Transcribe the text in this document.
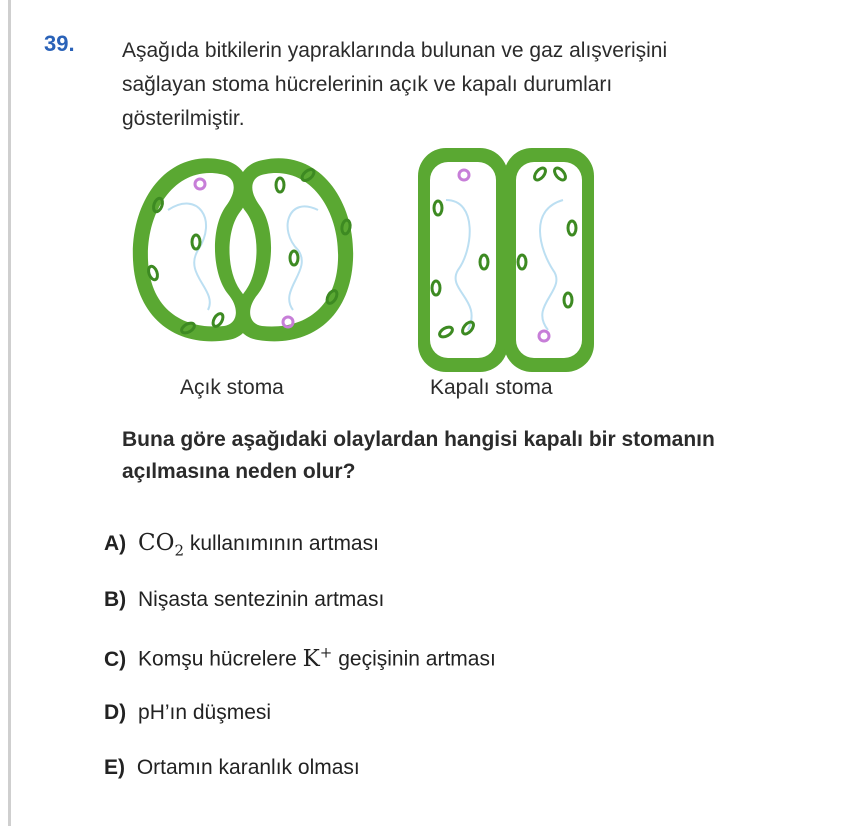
39. Aşağıda bitkilerin yapraklarında bulunan ve gaz alışverişini
sağlayan stoma hücrelerinin açık ve kapalı durumları
gösterilmiştir.
Açık stoma	Kapalı stoma
Buna göre aşağıdaki olaylardan hangisi kapalı bir stomanın
açılmasına neden olur?
A) $CO_2$ kullanımının artması
B) Nişasta sentezinin artması
C) Komşu hücrelere K+ geçişinin artması
D) pH’ın düşmesi
E) Ortamın karanlık olması
